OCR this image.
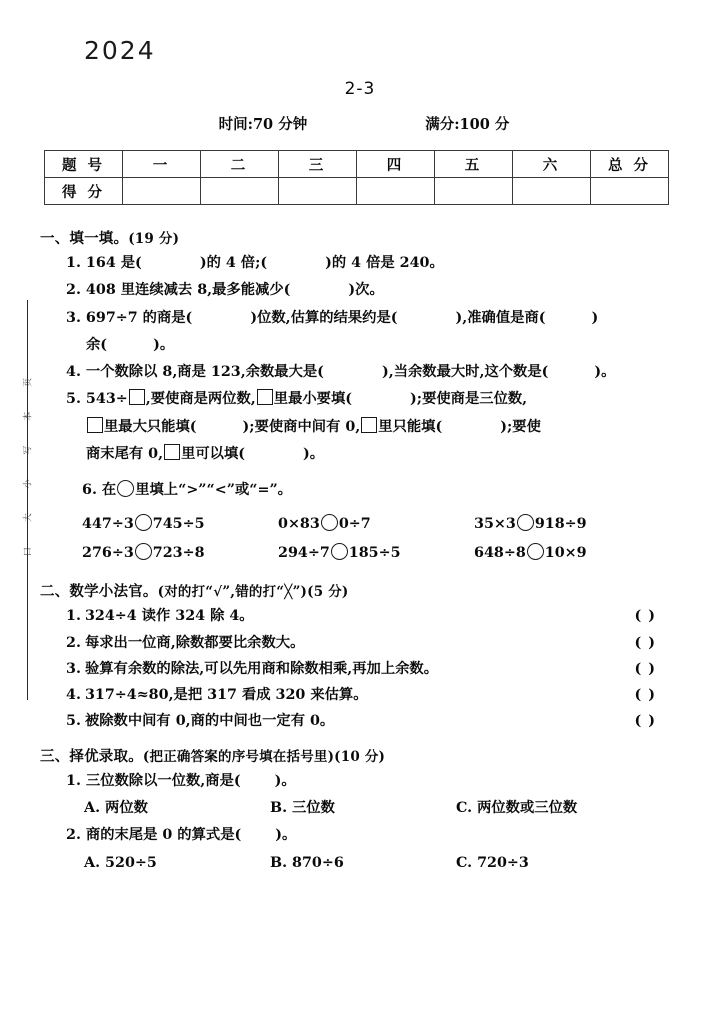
口 大 小 写 本 页
2024
2-3
时间:70 分钟	满分:100 分
题 号	一	二	三	四	五	六	总 分
得 分							
一、填一填。(19 分)
1. 164 是(	)的 4 倍;(	)的 4 倍是 240。
2. 408 里连续减去 8,最多能减少(	)次。
3. 697÷7 的商是(	)位数,估算的结果约是(	),准确值是商(	)
余(	)。
4. 一个数除以 8,商是 123,余数最大是(	),当余数最大时,这个数是(	)。
5. 543÷ ,要使商是两位数, 里最小要填(	);要使商是三位数,
里最大只能填(	);要使商中间有 0, 里只能填(	);要使
商末尾有 0, 里可以填(	)。
6. 在 里填上“>”“<”或“=”。
447÷3 745÷5	0×83 0÷7	35×3 918÷9
276÷3 723÷8	294÷7 185÷5	648÷8 10×9
二、数学小法官。(对的打“√”,错的打“╳”)(5 分)
1. 324÷4 读作 324 除 4。	( )
2. 每求出一位商,除数都要比余数大。	( )
3. 验算有余数的除法,可以先用商和除数相乘,再加上余数。	( )
4. 317÷4≈80,是把 317 看成 320 来估算。	( )
5. 被除数中间有 0,商的中间也一定有 0。	( )
三、择优录取。(把正确答案的序号填在括号里)(10 分)
1. 三位数除以一位数,商是( )。
A. 两位数	B. 三位数	C. 两位数或三位数
2. 商的末尾是 0 的算式是( )。
A. 520÷5	B. 870÷6	C. 720÷3
